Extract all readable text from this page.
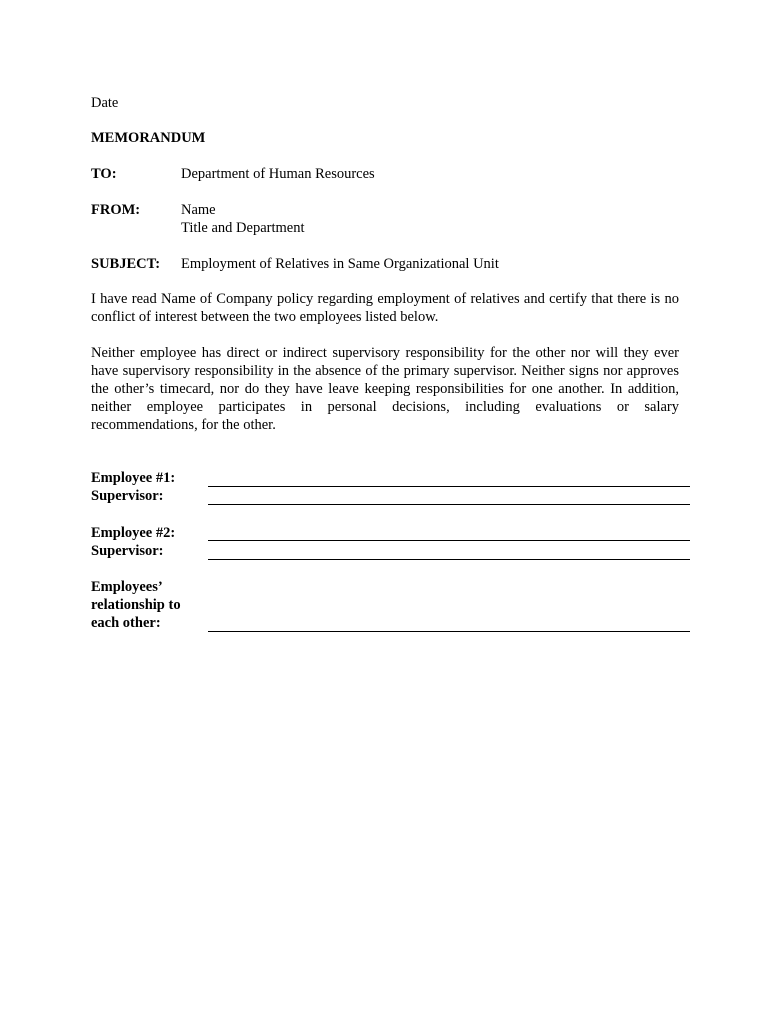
Date
MEMORANDUM
TO:	Department of Human Resources
FROM:	Name
Title and Department
SUBJECT: Employment of Relatives in Same Organizational Unit
I have read Name of Company policy regarding employment of relatives and certify that there is no conflict of interest between the two employees listed below.
Neither employee has direct or indirect supervisory responsibility for the other nor will they ever have supervisory responsibility in the absence of the primary supervisor. Neither signs nor approves the other’s timecard, nor do they have leave keeping responsibilities for one another. In addition, neither employee participates in personal decisions, including evaluations or salary recommendations, for the other.
Employee #1:
Supervisor:
Employee #2:
Supervisor:
Employees’
relationship to
each other:
